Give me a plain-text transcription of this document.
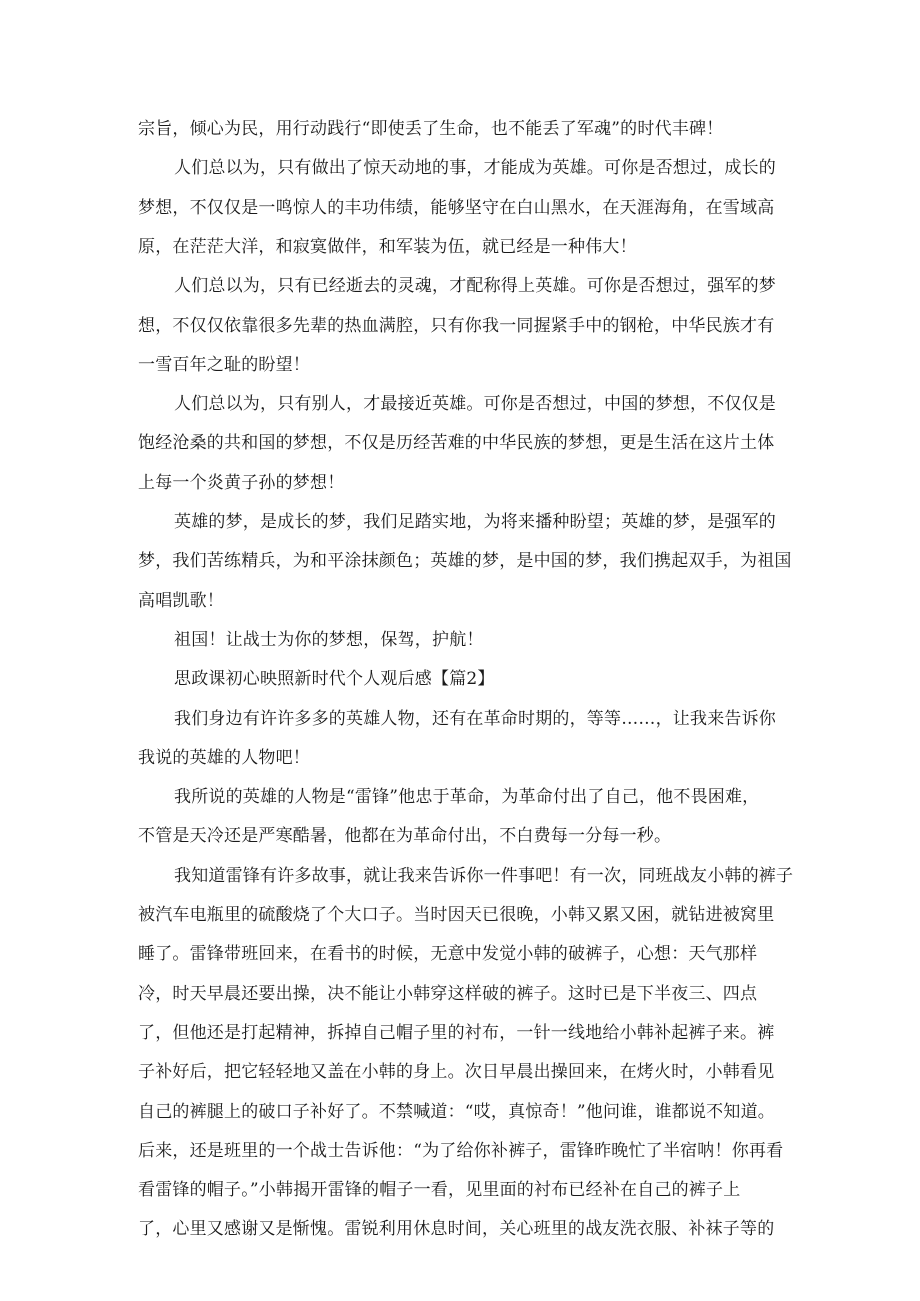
宗旨，倾心为民，用行动践行“即使丢了生命，也不能丢了军魂”的时代丰碑！
人们总以为，只有做出了惊天动地的事，才能成为英雄。可你是否想过，成长的
梦想，不仅仅是一鸣惊人的丰功伟绩，能够坚守在白山黑水，在天涯海角，在雪域高
原，在茫茫大洋，和寂寞做伴，和军装为伍，就已经是一种伟大！
人们总以为，只有已经逝去的灵魂，才配称得上英雄。可你是否想过，强军的梦
想，不仅仅依靠很多先辈的热血满腔，只有你我一同握紧手中的钢枪，中华民族才有
一雪百年之耻的盼望！
人们总以为，只有别人，才最接近英雄。可你是否想过，中国的梦想，不仅仅是
饱经沧桑的共和国的梦想，不仅是历经苦难的中华民族的梦想，更是生活在这片土体
上每一个炎黄子孙的梦想！
英雄的梦，是成长的梦，我们足踏实地，为将来播种盼望；英雄的梦，是强军的
梦，我们苦练精兵，为和平涂抹颜色；英雄的梦，是中国的梦，我们携起双手，为祖国
高唱凯歌！
祖国！让战士为你的梦想，保驾，护航！
思政课初心映照新时代个人观后感【篇2】
我们身边有许许多多的英雄人物，还有在革命时期的，等等……，让我来告诉你
我说的英雄的人物吧！
我所说的英雄的人物是“雷锋”他忠于革命，为革命付出了自己，他不畏困难，
不管是天冷还是严寒酷暑，他都在为革命付出，不白费每一分每一秒。
我知道雷锋有许多故事，就让我来告诉你一件事吧！有一次，同班战友小韩的裤子
被汽车电瓶里的硫酸烧了个大口子。当时因天已很晚，小韩又累又困，就钻进被窝里
睡了。雷锋带班回来，在看书的时候，无意中发觉小韩的破裤子，心想：天气那样
冷，时天早晨还要出操，决不能让小韩穿这样破的裤子。这时已是下半夜三、四点
了，但他还是打起精神，拆掉自己帽子里的衬布，一针一线地给小韩补起裤子来。裤
子补好后，把它轻轻地又盖在小韩的身上。次日早晨出操回来，在烤火时，小韩看见
自己的裤腿上的破口子补好了。不禁喊道：“哎，真惊奇！”他问谁，谁都说不知道。
后来，还是班里的一个战士告诉他：“为了给你补裤子，雷锋昨晚忙了半宿呐！你再看
看雷锋的帽子。”小韩揭开雷锋的帽子一看，见里面的衬布已经补在自己的裤子上
了，心里又感谢又是惭愧。雷锐利用休息时间，关心班里的战友洗衣服、补袜子等的
